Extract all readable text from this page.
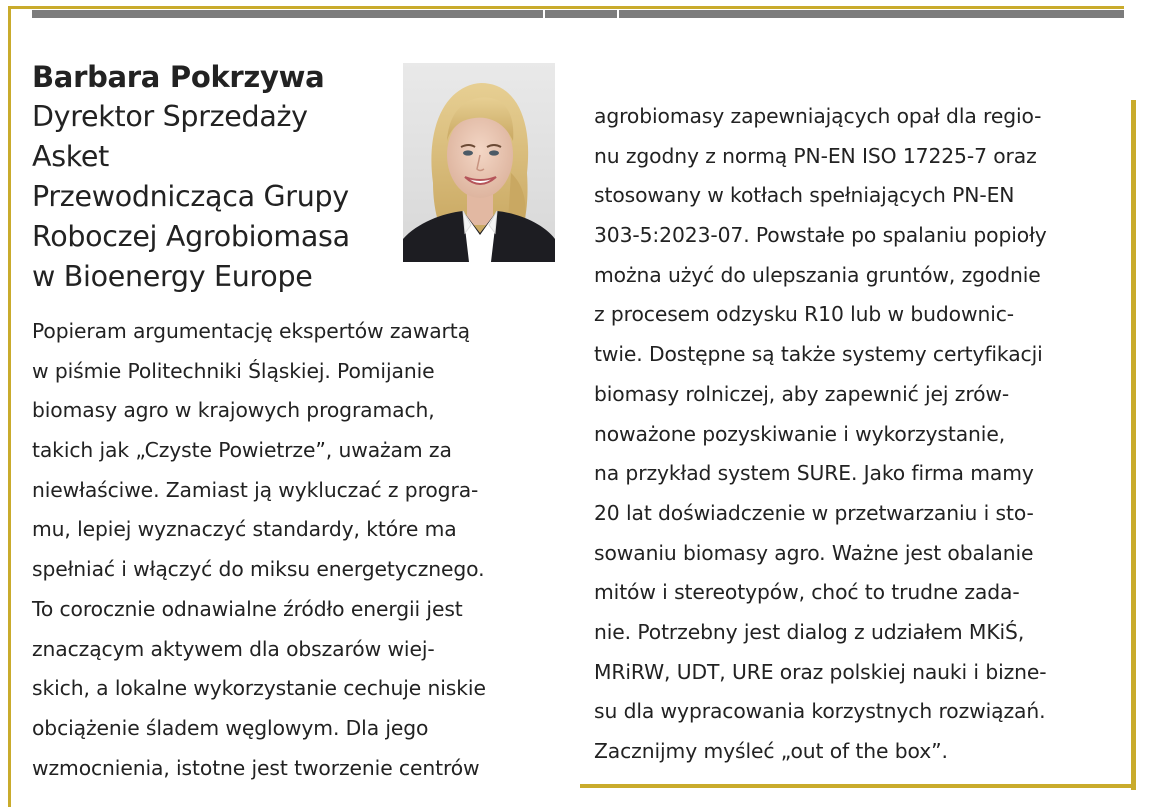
Barbara Pokrzywa
Dyrektor Sprzedaży
Asket
Przewodnicząca Grupy
Roboczej Agrobiomasa
w Bioenergy Europe
Popieram argumentację ekspertów zawartą
w piśmie Politechniki Śląskiej. Pomijanie
biomasy agro w krajowych programach,
takich jak „Czyste Powietrze”, uważam za
niewłaściwe. Zamiast ją wykluczać z progra-
mu, lepiej wyznaczyć standardy, które ma
spełniać i włączyć do miksu energetycznego.
To corocznie odnawialne źródło energii jest
znaczącym aktywem dla obszarów wiej-
skich, a lokalne wykorzystanie cechuje niskie
obciążenie śladem węglowym. Dla jego
wzmocnienia, istotne jest tworzenie centrów
agrobiomasy zapewniających opał dla regio-
nu zgodny z normą PN-EN ISO 17225-7 oraz
stosowany w kotłach spełniających PN-EN
303-5:2023-07. Powstałe po spalaniu popioły
można użyć do ulepszania gruntów, zgodnie
z procesem odzysku R10 lub w budownic-
twie. Dostępne są także systemy certyfikacji
biomasy rolniczej, aby zapewnić jej zrów-
noważone pozyskiwanie i wykorzystanie,
na przykład system SURE. Jako firma mamy
20 lat doświadczenie w przetwarzaniu i sto-
sowaniu biomasy agro. Ważne jest obalanie
mitów i stereotypów, choć to trudne zada-
nie. Potrzebny jest dialog z udziałem MKiŚ,
MRiRW, UDT, URE oraz polskiej nauki i bizne-
su dla wypracowania korzystnych rozwiązań.
Zacznijmy myśleć „out of the box”.
